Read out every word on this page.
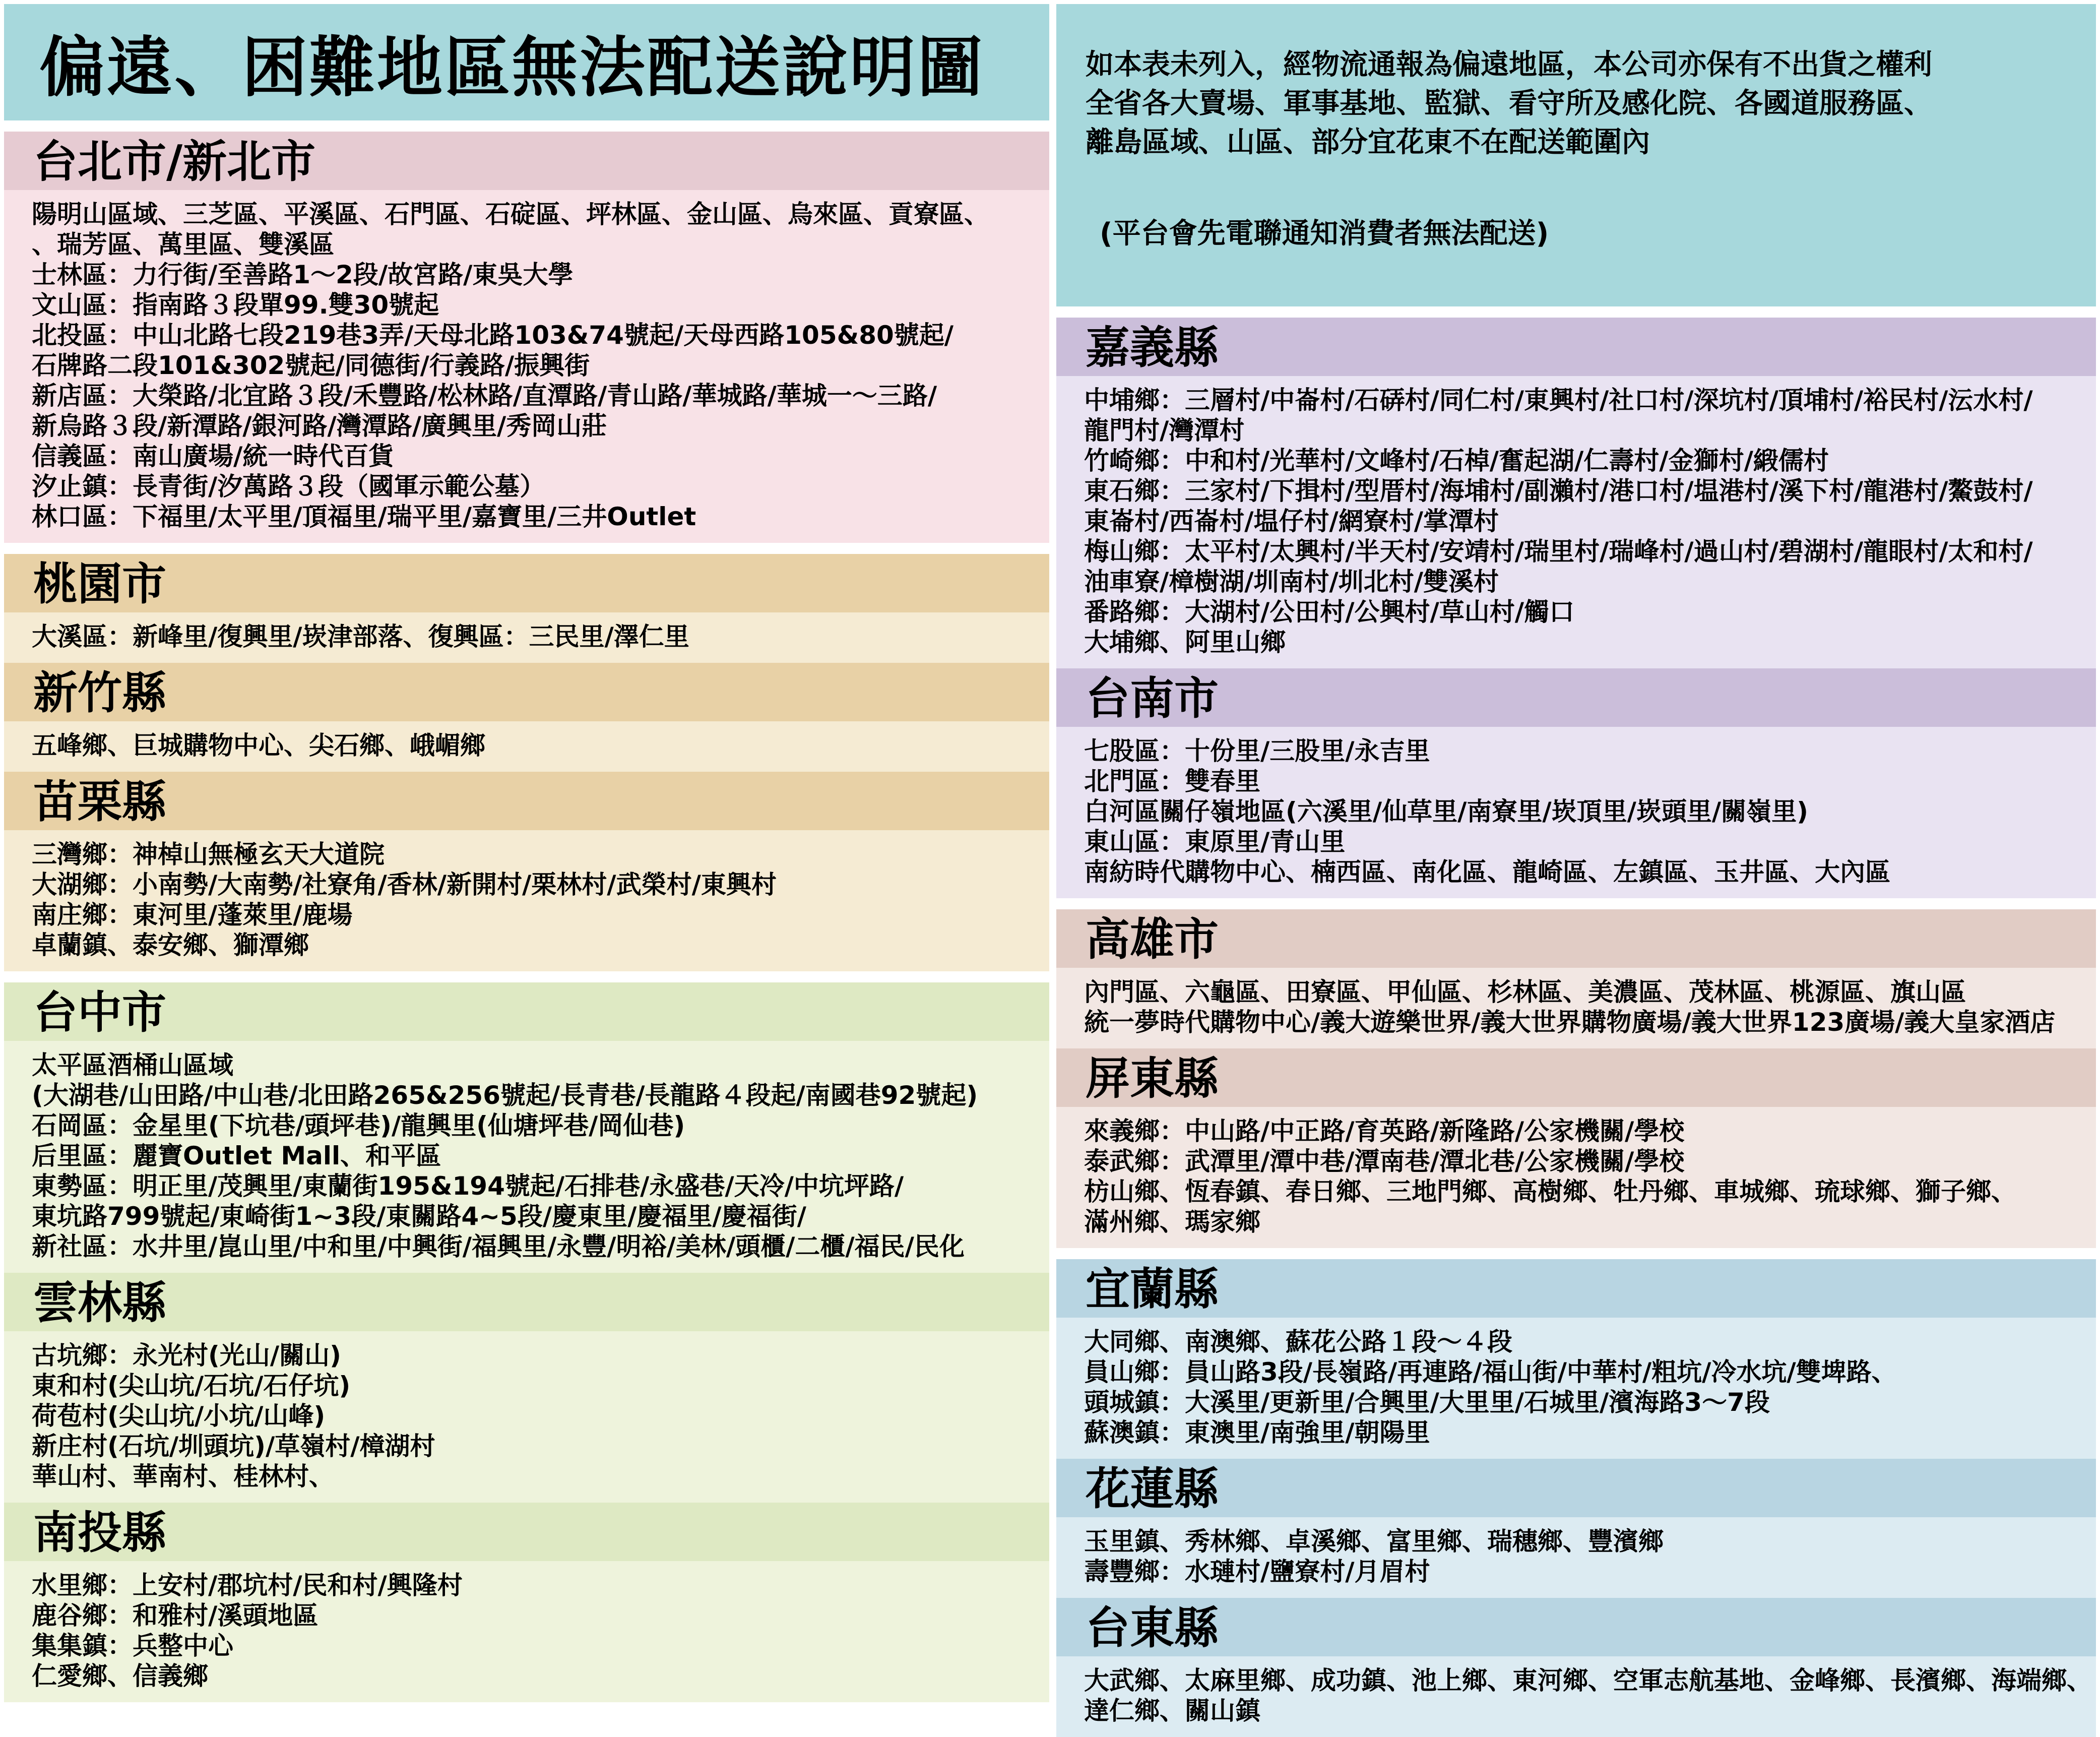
偏遠、困難地區無法配送說明圖
台北市/新北市
陽明山區域、三芝區、平溪區、石門區、石碇區、坪林區、金山區、烏來區、貢寮區、
、瑞芳區、萬里區、雙溪區
士林區：力行街/至善路1～2段/故宮路/東吳大學
文山區：指南路３段單99.雙30號起
北投區：中山北路七段219巷3弄/天母北路103&74號起/天母西路105&80號起/
石牌路二段101&302號起/同德街/行義路/振興街
新店區：大榮路/北宜路３段/禾豐路/松林路/直潭路/青山路/華城路/華城一～三路/
新烏路３段/新潭路/銀河路/灣潭路/廣興里/秀岡山莊
信義區：南山廣場/統一時代百貨
汐止鎮：長青街/汐萬路３段（國軍示範公墓）
林口區：下福里/太平里/頂福里/瑞平里/嘉寶里/三井Outlet
桃園市
大溪區：新峰里/復興里/崁津部落、復興區：三民里/澤仁里
新竹縣
五峰鄉、巨城購物中心、尖石鄉、峨嵋鄉
苗栗縣
三灣鄉：神棹山無極玄天大道院
大湖鄉：小南勢/大南勢/社寮角/香林/新開村/栗林村/武榮村/東興村
南庄鄉：東河里/蓬萊里/鹿場
卓蘭鎮、泰安鄉、獅潭鄉
台中市
太平區酒桶山區域
(大湖巷/山田路/中山巷/北田路265&256號起/長青巷/長龍路４段起/南國巷92號起)
石岡區：金星里(下坑巷/頭坪巷)/龍興里(仙塘坪巷/岡仙巷)
后里區：麗寶Outlet Mall、和平區
東勢區：明正里/茂興里/東蘭街195&194號起/石排巷/永盛巷/天冷/中坑坪路/
東坑路799號起/東崎街1~3段/東關路4~5段/慶東里/慶福里/慶福街/
新社區：水井里/崑山里/中和里/中興街/福興里/永豐/明裕/美林/頭櫃/二櫃/福民/民化
雲林縣
古坑鄉：永光村(光山/關山)
東和村(尖山坑/石坑/石仔坑)
荷苞村(尖山坑/小坑/山峰)
新庄村(石坑/圳頭坑)/草嶺村/樟湖村
華山村、華南村、桂林村、
南投縣
水里鄉：上安村/郡坑村/民和村/興隆村
鹿谷鄉：和雅村/溪頭地區
集集鎮：兵整中心
仁愛鄉、信義鄉

如本表未列入，經物流通報為偏遠地區，本公司亦保有不出貨之權利

全省各大賣場、軍事基地、監獄、看守所及感化院、各國道服務區、

離島區域、山區、部分宜花東不在配送範圍內

(平台會先電聯通知消費者無法配送)

嘉義縣
中埔鄉：三層村/中崙村/石硦村/同仁村/東興村/社口村/深坑村/頂埔村/裕民村/沄水村/
龍門村/灣潭村
竹崎鄉：中和村/光華村/文峰村/石棹/奮起湖/仁壽村/金獅村/緞儒村
東石鄉：三家村/下揖村/型厝村/海埔村/副瀨村/港口村/塭港村/溪下村/龍港村/鰲鼓村/
東崙村/西崙村/塭仔村/網寮村/掌潭村
梅山鄉：太平村/太興村/半天村/安靖村/瑞里村/瑞峰村/過山村/碧湖村/龍眼村/太和村/
油車寮/樟樹湖/圳南村/圳北村/雙溪村
番路鄉：大湖村/公田村/公興村/草山村/觸口
大埔鄉、阿里山鄉
台南市
七股區：十份里/三股里/永吉里
北門區：雙春里
白河區關仔嶺地區(六溪里/仙草里/南寮里/崁頂里/崁頭里/關嶺里)
東山區：東原里/青山里
南紡時代購物中心、楠西區、南化區、龍崎區、左鎮區、玉井區、大內區
高雄市
內門區、六龜區、田寮區、甲仙區、杉林區、美濃區、茂林區、桃源區、旗山區
統一夢時代購物中心/義大遊樂世界/義大世界購物廣場/義大世界123廣場/義大皇家酒店
屏東縣
來義鄉：中山路/中正路/育英路/新隆路/公家機關/學校
泰武鄉：武潭里/潭中巷/潭南巷/潭北巷/公家機關/學校
枋山鄉、恆春鎮、春日鄉、三地門鄉、高樹鄉、牡丹鄉、車城鄉、琉球鄉、獅子鄉、
滿州鄉、瑪家鄉
宜蘭縣
大同鄉、南澳鄉、蘇花公路１段～４段
員山鄉：員山路3段/長嶺路/再連路/福山街/中華村/粗坑/冷水坑/雙埤路、
頭城鎮：大溪里/更新里/合興里/大里里/石城里/濱海路3～7段
蘇澳鎮：東澳里/南強里/朝陽里
花蓮縣
玉里鎮、秀林鄉、卓溪鄉、富里鄉、瑞穗鄉、豐濱鄉
壽豐鄉：水璉村/鹽寮村/月眉村
台東縣
大武鄉、太麻里鄉、成功鎮、池上鄉、東河鄉、空軍志航基地、金峰鄉、長濱鄉、海端鄉、
達仁鄉、關山鎮
